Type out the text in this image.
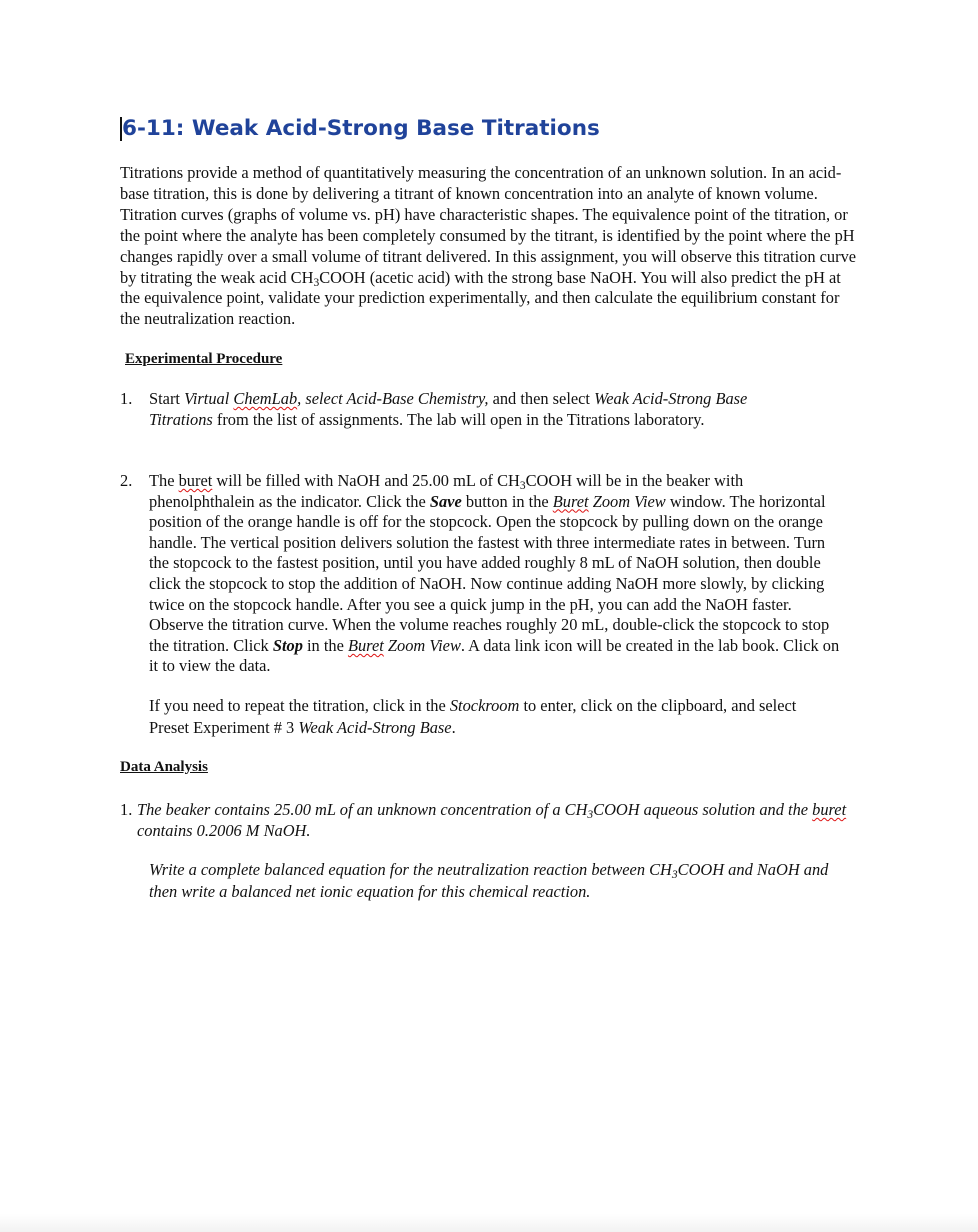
6-11: Weak Acid-Strong Base Titrations

Titrations provide a method of quantitatively measuring the concentration of an unknown solution. In an acid-base titration, this is done by delivering a titrant of known concentration into an analyte of known volume. Titration curves (graphs of volume vs. pH) have characteristic shapes. The equivalence point of the titration, or the point where the analyte has been completely consumed by the titrant, is identified by the point where the pH changes rapidly over a small volume of titrant delivered. In this assignment, you will observe this titration curve by titrating the weak acid $CH_3COOH$ (acetic acid) with the strong base NaOH. You will also predict the pH at the equivalence point, validate your prediction experimentally, and then calculate the equilibrium constant for the neutralization reaction.

Experimental Procedure
1. Start Virtual ChemLab, select Acid-Base Chemistry, and then select Weak Acid-Strong Base Titrations from the list of assignments. The lab will open in the Titrations laboratory.
2. The buret will be filled with NaOH and 25.00 mL of $CH_3COOH$ will be in the beaker with phenolphthalein as the indicator. Click the Save button in the Buret Zoom View window. The horizontal position of the orange handle is off for the stopcock. Open the stopcock by pulling down on the orange handle. The vertical position delivers solution the fastest with three intermediate rates in between. Turn the stopcock to the fastest position, until you have added roughly 8 mL of NaOH solution, then double click the stopcock to stop the addition of NaOH. Now continue adding NaOH more slowly, by clicking twice on the stopcock handle. After you see a quick jump in the pH, you can add the NaOH faster. Observe the titration curve. When the volume reaches roughly 20 mL, double-click the stopcock to stop the titration. Click Stop in the Buret Zoom View. A data link icon will be created in the lab book. Click on it to view the data.

If you need to repeat the titration, click in the Stockroom to enter, click on the clipboard, and select Preset Experiment # 3 Weak Acid-Strong Base.

Data Analysis
1. The beaker contains 25.00 mL of an unknown concentration of a $CH_3COOH$ aqueous solution and the buret contains 0.2006 M NaOH.

Write a complete balanced equation for the neutralization reaction between $CH_3COOH$ and NaOH and then write a balanced net ionic equation for this chemical reaction.
